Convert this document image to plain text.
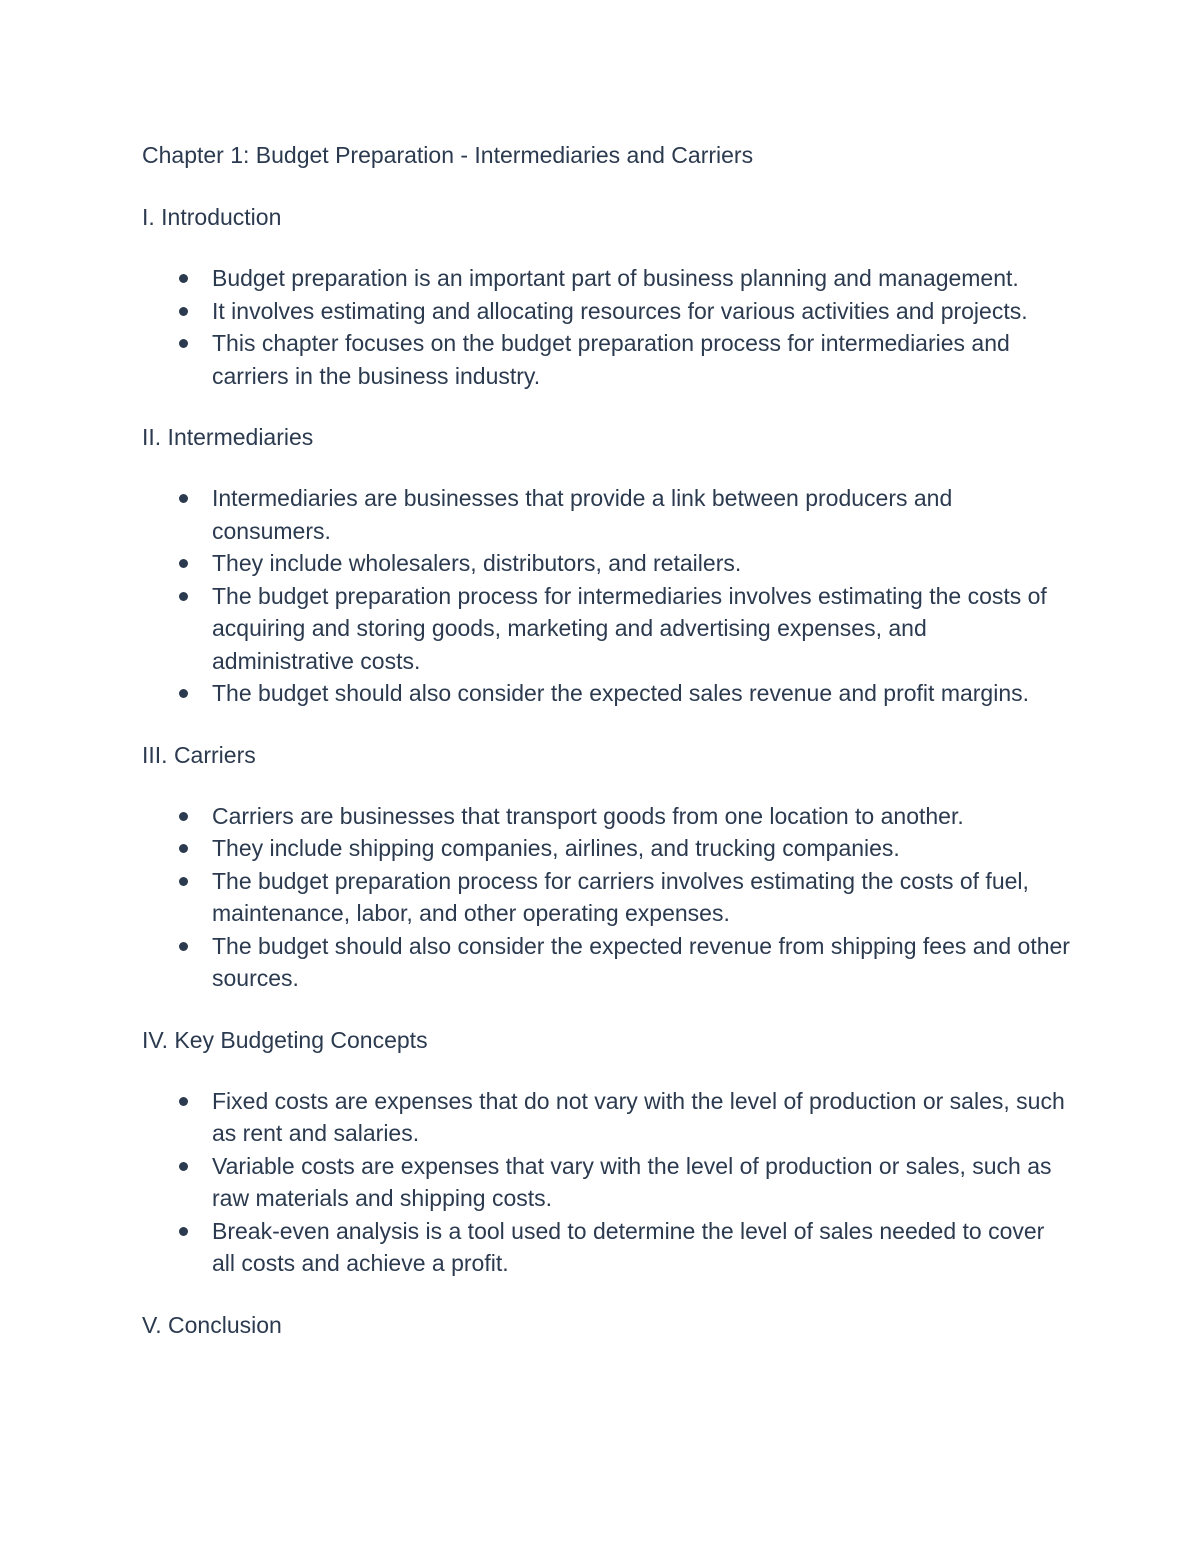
Chapter 1: Budget Preparation - Intermediaries and Carriers
I. Introduction
Budget preparation is an important part of business planning and management.
It involves estimating and allocating resources for various activities and projects.
This chapter focuses on the budget preparation process for intermediaries and carriers in the business industry.
II. Intermediaries
Intermediaries are businesses that provide a link between producers and consumers.
They include wholesalers, distributors, and retailers.
The budget preparation process for intermediaries involves estimating the costs of acquiring and storing goods, marketing and advertising expenses, and administrative costs.
The budget should also consider the expected sales revenue and profit margins.
III. Carriers
Carriers are businesses that transport goods from one location to another.
They include shipping companies, airlines, and trucking companies.
The budget preparation process for carriers involves estimating the costs of fuel, maintenance, labor, and other operating expenses.
The budget should also consider the expected revenue from shipping fees and other sources.
IV. Key Budgeting Concepts
Fixed costs are expenses that do not vary with the level of production or sales, such as rent and salaries.
Variable costs are expenses that vary with the level of production or sales, such as raw materials and shipping costs.
Break-even analysis is a tool used to determine the level of sales needed to cover all costs and achieve a profit.
V. Conclusion
